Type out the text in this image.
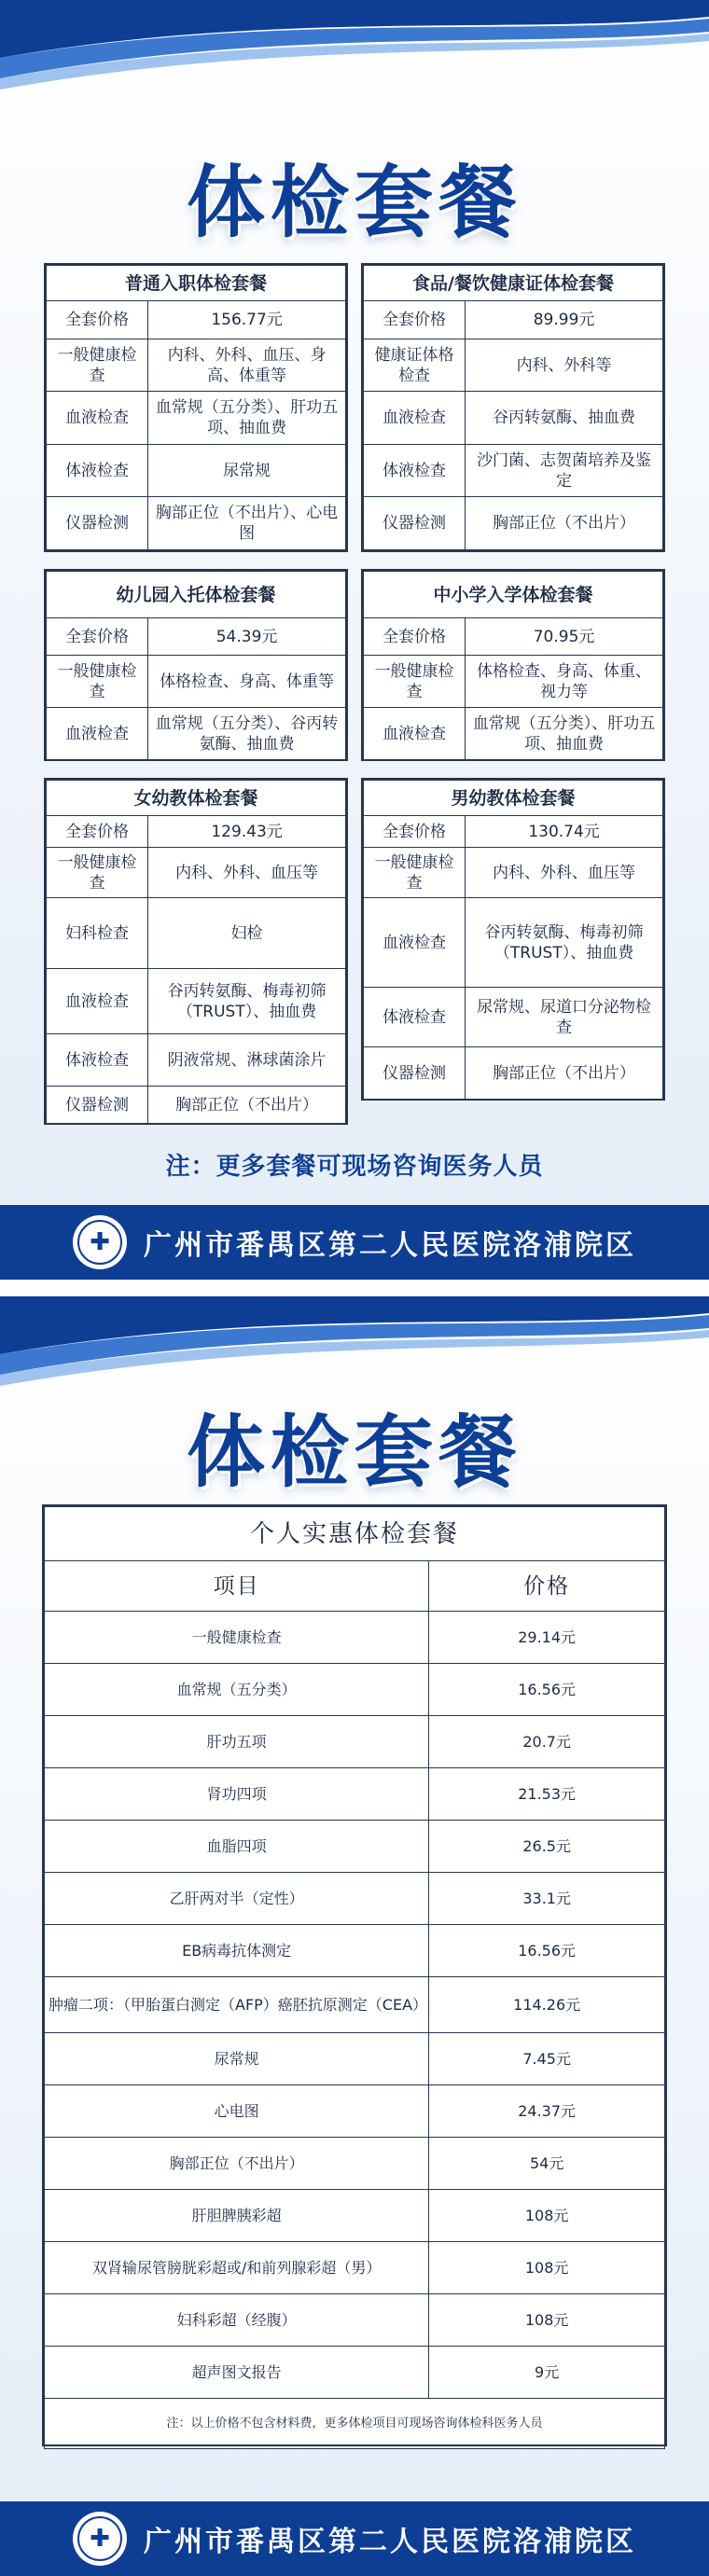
体检套餐
普通入职体检套餐	
全套价格	156.77元
一般健康检查	内科、外科、血压、身高、体重等
血液检查	血常规（五分类）、肝功五项、抽血费
体液检查	尿常规
仪器检测	胸部正位（不出片）、心电图
食品/餐饮健康证体检套餐	
全套价格	89.99元
健康证体格检查	内科、外科等
血液检查	谷丙转氨酶、抽血费
体液检查	沙门菌、志贺菌培养及鉴定
仪器检测	胸部正位（不出片）
幼儿园入托体检套餐	
全套价格	54.39元
一般健康检查	体格检查、身高、体重等
血液检查	血常规（五分类）、谷丙转氨酶、抽血费
中小学入学体检套餐	
全套价格	70.95元
一般健康检查	体格检查、身高、体重、视力等
血液检查	血常规（五分类）、肝功五项、抽血费
女幼教体检套餐	
全套价格	129.43元
一般健康检查	内科、外科、血压等
妇科检查	妇检
血液检查	谷丙转氨酶、梅毒初筛（TRUST）、抽血费
体液检查	阴液常规、淋球菌涂片
仪器检测	胸部正位（不出片）
男幼教体检套餐	
全套价格	130.74元
一般健康检查	内科、外科、血压等
血液检查	谷丙转氨酶、梅毒初筛（TRUST）、抽血费
体液检查	尿常规、尿道口分泌物检查
仪器检测	胸部正位（不出片）
注：更多套餐可现场咨询医务人员
✚	广州市番禺区第二人民医院洛浦院区
体检套餐
个人实惠体检套餐	
项目	价格
一般健康检查	29.14元
血常规（五分类）	16.56元
肝功五项	20.7元
肾功四项	21.53元
血脂四项	26.5元
乙肝两对半（定性）	33.1元
EB病毒抗体测定	16.56元
肿瘤二项：（甲胎蛋白测定（AFP）癌胚抗原测定（CEA）	114.26元
尿常规	7.45元
心电图	24.37元
胸部正位（不出片）	54元
肝胆脾胰彩超	108元
双肾输尿管膀胱彩超或/和前列腺彩超（男）	108元
妇科彩超（经腹）	108元
超声图文报告	9元
注：以上价格不包含材料费，更多体检项目可现场咨询体检科医务人员	
✚	广州市番禺区第二人民医院洛浦院区
